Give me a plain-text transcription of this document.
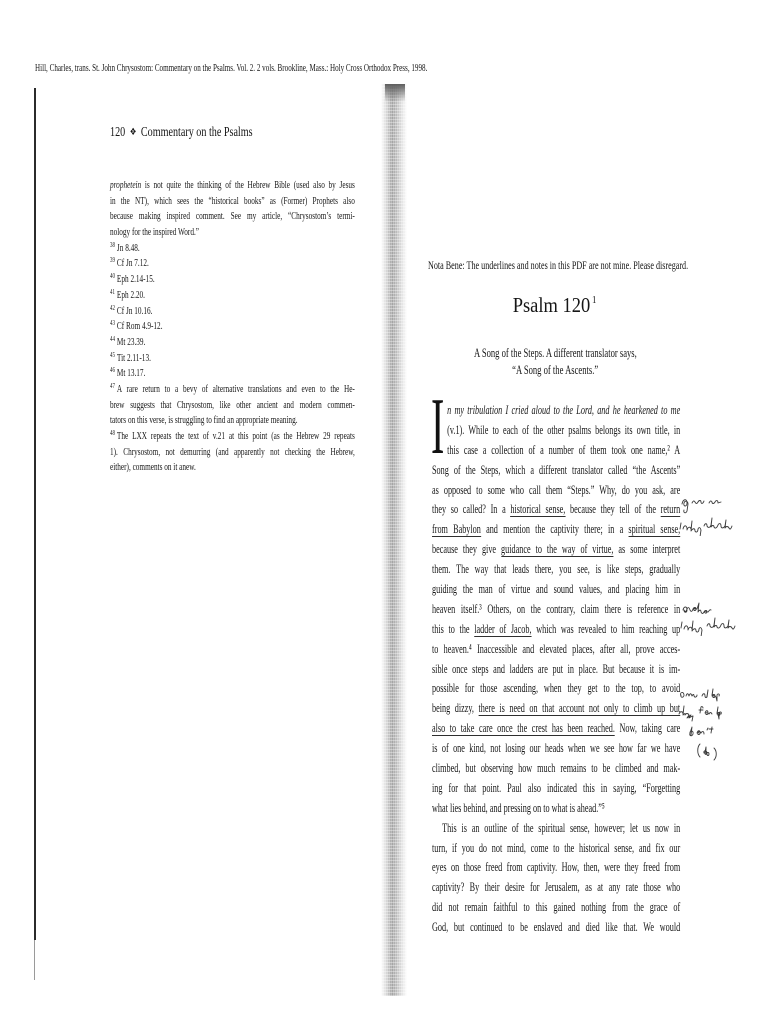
Hill, Charles, trans. St. John Chrysostom: Commentary on the Psalms. Vol. 2. 2 vols. Brookline, Mass.: Holy Cross Orthodox Press, 1998.
120 ❖ Commentary on the Psalms
prophetein is not quite the thinking of the Hebrew Bible (used also by Jesus
in the NT), which sees the “historical books” as (Former) Prophets also
because making inspired comment. See my article, “Chrysostom’s termi-
nology for the inspired Word.”
$^{38}$ Jn 8.48.
$^{39}$ Cf Jn 7.12.
$^{40}$ Eph 2.14-15.
$^{41}$ Eph 2.20.
$^{42}$ Cf Jn 10.16.
$^{43}$ Cf Rom 4.9-12.
$^{44}$ Mt 23.39.
$^{45}$ Tit 2.11-13.
$^{46}$ Mt 13.17.
$^{47}$ A rare return to a bevy of alternative translations and even to the He-
brew suggests that Chrysostom, like other ancient and modern commen-
tators on this verse, is struggling to find an appropriate meaning.
$^{48}$ The LXX repeats the text of v.21 at this point (as the Hebrew 29 repeats
1). Chrysostom, not demurring (and apparently not checking the Hebrew,
either), comments on it anew.
Nota Bene: The underlines and notes in this PDF are not mine. Please disregard.
Psalm 120 $^1$
A Song of the Steps. A different translator says,
“A Song of the Ascents.”
I n my tribulation I cried aloud to the Lord, and he hearkened to me
(v.1). While to each of the other psalms belongs its own title, in
this case a collection of a number of them took one name,² A
Song of the Steps, which a different translator called “the Ascents”
as opposed to some who call them “Steps.” Why, do you ask, are
they so called? In a historical sense, because they tell of the return
from Babylon and mention the captivity there; in a spiritual sense,
because they give guidance to the way of virtue, as some interpret
them. The way that leads there, you see, is like steps, gradually
guiding the man of virtue and sound values, and placing him in
heaven itself.³ Others, on the contrary, claim there is reference in
this to the ladder of Jacob, which was revealed to him reaching up
to heaven.⁴ Inaccessible and elevated places, after all, prove acces-
sible once steps and ladders are put in place. But because it is im-
possible for those ascending, when they get to the top, to avoid
being dizzy, there is need on that account not only to climb up but
also to take care once the crest has been reached. Now, taking care
is of one kind, not losing our heads when we see how far we have
climbed, but observing how much remains to be climbed and mak-
ing for that point. Paul also indicated this in saying, “Forgetting
what lies behind, and pressing on to what is ahead.”⁵
This is an outline of the spiritual sense, however; let us now in
turn, if you do not mind, come to the historical sense, and fix our
eyes on those freed from captivity. How, then, were they freed from
captivity? By their desire for Jerusalem, as at any rate those who
did not remain faithful to this gained nothing from the grace of
God, but continued to be enslaved and died like that. We would
